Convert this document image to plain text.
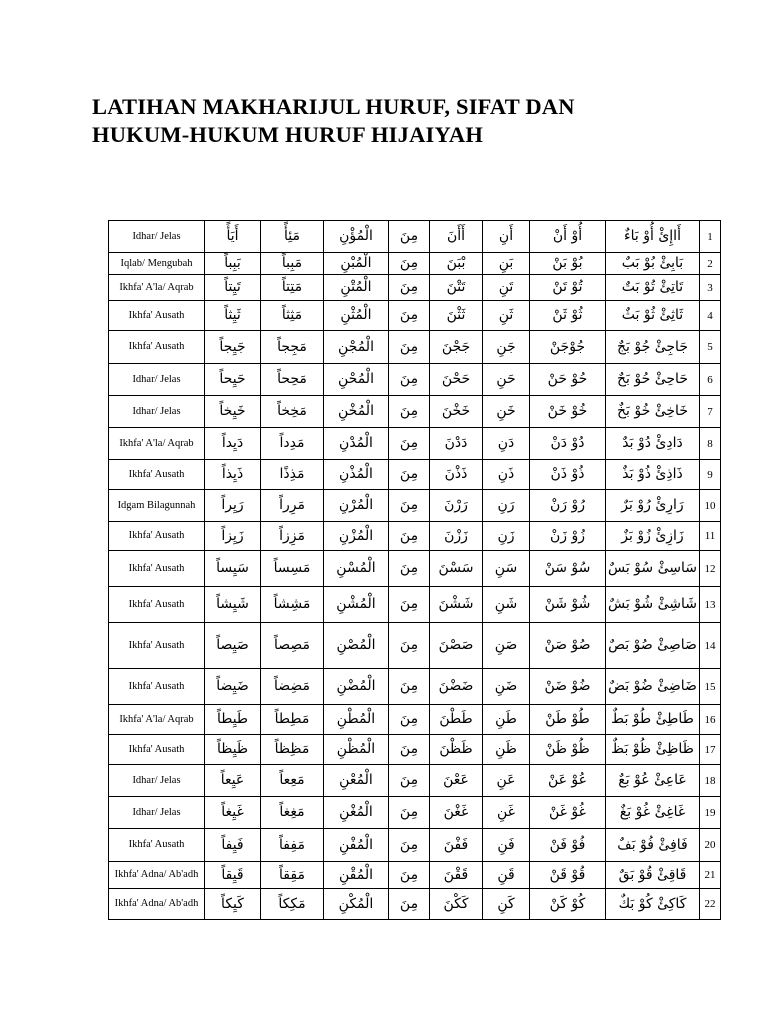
LATIHAN MAKHARIJUL HURUF, SIFAT DAN
HUKUM-HUKUM HURUF HIJAIYAH
Idhar/ Jelas	أَيَأً	مَئِأً	الْمُؤْنِ	مِنَ	أَأَنَ	أَنِ	أُوْ أَنْ	أَاإِئْ أُوْ بَاءٌ	1
Iqlab/ Mengubah	بَبِباً	مَبِباً	الْمُبْنِ	مِنَ	بْبَنَ	بَنِ	بُوْ بَنْ	بَابِئْ بُوْ بَبٌ	2
Ikhfa' A'la/ Aqrab	تَيِتاً	مَتِتاً	الْمُتْنِ	مِنَ	تَتْنَ	تَنِ	تُوْ تَنْ	تَاتِئْ تُوْ بَتٌ	3
Ikhfa' Ausath	ثَيِثاً	مَثِثاً	الْمُثْنِ	مِنَ	ثَثْنَ	ثَنِ	ثُوْ ثَنْ	ثَاثِئْ ثُوْ بَثٌ	4
Ikhfa' Ausath	جَيِجاً	مَجِجاً	الْمُجْنِ	مِنَ	جَجْنَ	جَنِ	جُوْجَنْ	جَاجِئْ جُوْ بَجٌ	5
Idhar/ Jelas	حَيِحاً	مَحِحاً	الْمُحْنِ	مِنَ	حَحْنَ	حَنِ	حُوْ حَنْ	حَاحِئْ حُوْ بَحٌ	6
Idhar/ Jelas	خَيِخاً	مَخِخاً	الْمُخْنِ	مِنَ	خَخْنَ	خَنِ	خُوْ خَنْ	خَاخِئْ خُوْ بَخٌ	7
Ikhfa' A'la/ Aqrab	دَيِداً	مَدِداً	الْمُدْنِ	مِنَ	دَدْنَ	دَنِ	دُوْ دَنْ	دَادِئْ دُوْ بَدٌ	8
Ikhfa' Ausath	ذَيِذاً	مَذِذًا	الْمُذْنِ	مِنَ	ذَذْنَ	ذَنِ	ذُوْ ذَنْ	ذَاذِئْ ذُوْ بَذٌ	9
Idgam Bilagunnah	رَيِراً	مَرِراً	الْمُرْنِ	مِنَ	رَرْنَ	رَنِ	رُوْ رَنْ	رَارِئْ رُوْ بَرٌ	10
Ikhfa' Ausath	زَيِزاً	مَزِزاً	الْمُزْنِ	مِنَ	زَزْنَ	زَنِ	زُوْ زَنْ	زَازِئْ زُوْ بَزٌ	11
Ikhfa' Ausath	سَيِساً	مَسِساً	الْمُسْنِ	مِنَ	سَسْنَ	سَنِ	سُوْ سَنْ	سَاسِئْ سُوْ بَسٌ	12
Ikhfa' Ausath	شَيِشاً	مَشِشاً	الْمُشْنِ	مِنَ	شَشْنَ	شَنِ	شُوْ شَنْ	شَاشِئْ شُوْ بَشٌ	13
Ikhfa' Ausath	صَيِصاً	مَصِصاً	الْمُصْنِ	مِنَ	صَصْنَ	صَنِ	صُوْ صَنْ	صَاصِئْ صُوْ بَصٌ	14
Ikhfa' Ausath	ضَيِضاً	مَضِضاً	الْمُضْنِ	مِنَ	ضَضْنَ	ضَنِ	ضُوْ ضَنْ	ضَاضِئْ ضُوْ بَضٌ	15
Ikhfa' A'la/ Aqrab	طَيِطاً	مَطِطاً	الْمُطْنِ	مِنَ	طَطْنَ	طَنِ	طُوْ طَنْ	طَاطِئْ طُوْ بَطٌ	16
Ikhfa' Ausath	ظَيِظاً	مَظِظاً	الْمُظْنِ	مِنَ	ظَظْنَ	ظَنِ	ظُوْ ظَنْ	ظَاظِئْ ظُوْ بَظٌ	17
Idhar/ Jelas	عَيِعاً	مَعِعاً	الْمُعْنِ	مِنَ	عَعْنَ	عَنِ	عُوْ عَنْ	عَاعِئْ عُوْ بَعٌ	18
Idhar/ Jelas	غَيِغاً	مَغِغاً	الْمُغْنِ	مِنَ	غَغْنَ	غَنِ	غُوْ غَنْ	غَاغِئْ غُوْ بَغٌ	19
Ikhfa' Ausath	فَيِفاً	مَفِفاً	الْمُفْنِ	مِنَ	فَفْنَ	فَنِ	فُوْ فَنْ	فَافِئْ فُوْ بَفٌ	20
Ikhfa' Adna/ Ab'adh	قَيِقاً	مَقِقاً	الْمُقْنِ	مِنَ	قَقْنَ	قَنِ	قُوْ قَنْ	قَاقِئْ قُوْ بَقٌ	21
Ikhfa' Adna/ Ab'adh	كَيِكاً	مَكِكاً	الْمُكْنِ	مِنَ	كَكْنَ	كَنِ	كُوْ كَنْ	كَاكِئْ كُوْ بَكٌ	22
